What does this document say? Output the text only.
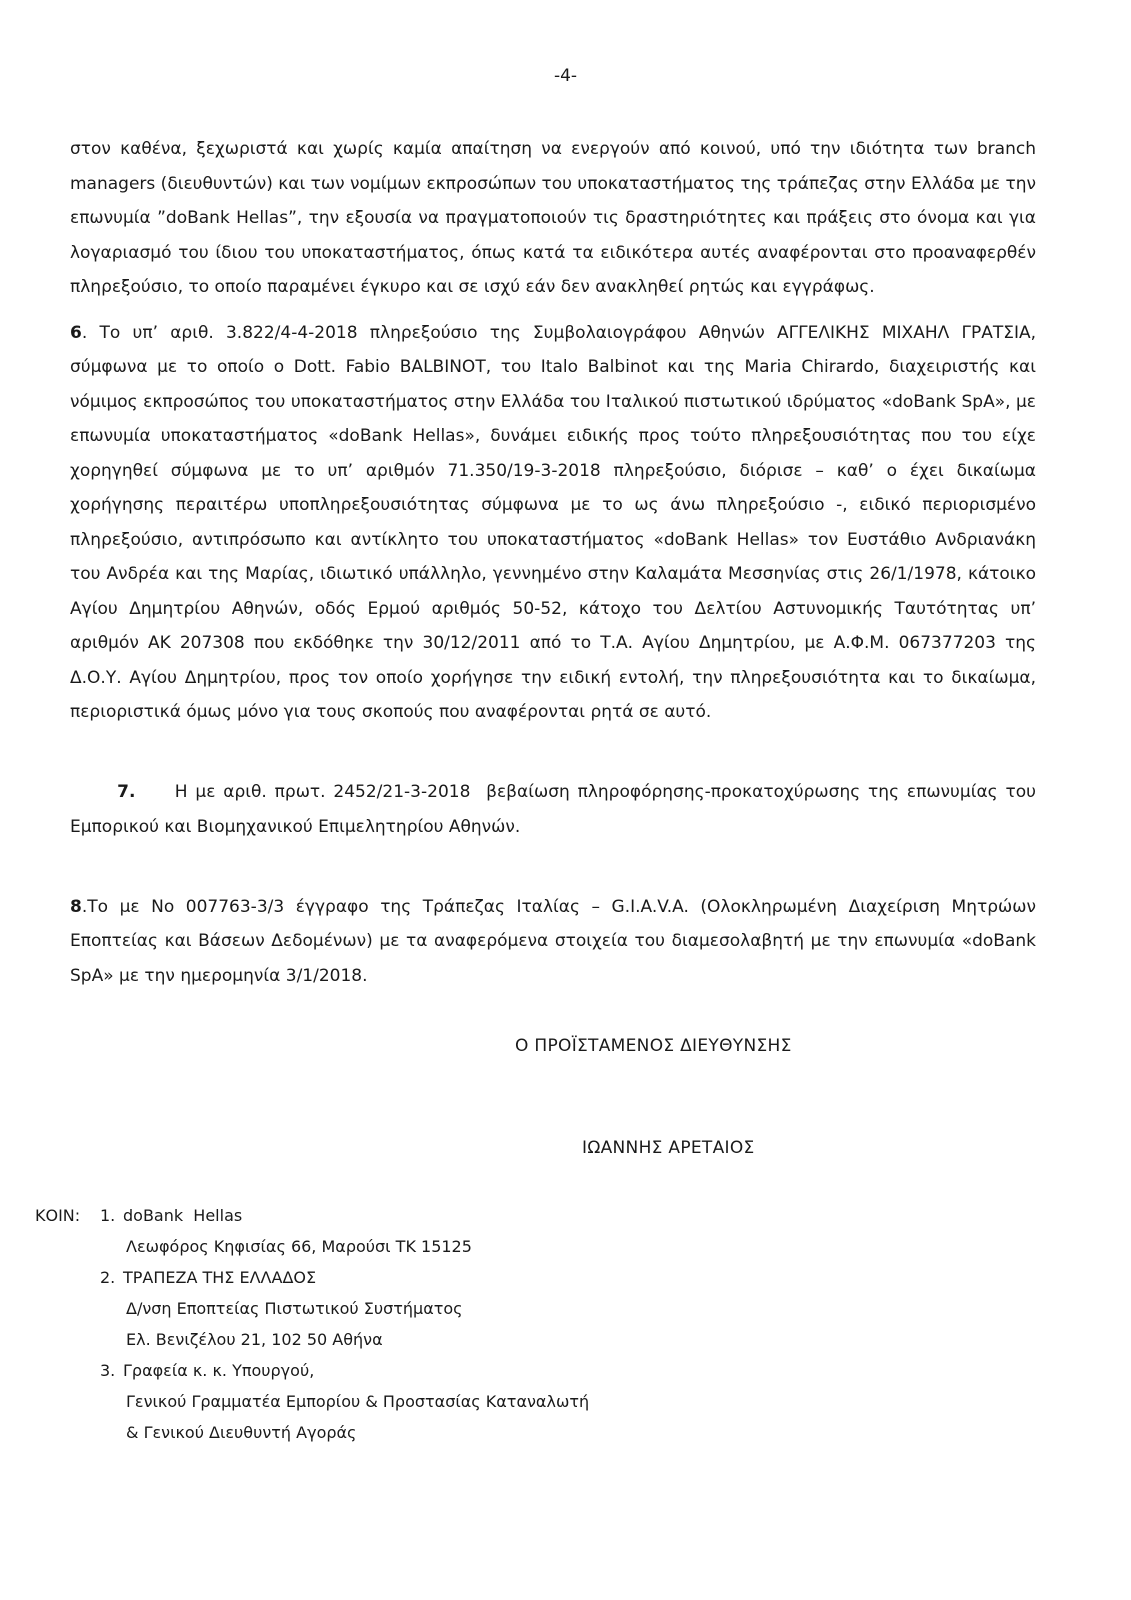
-4-

στον καθένα, ξεχωριστά και χωρίς καμία απαίτηση να ενεργούν από κοινού, υπό την ιδιότητα των branch managers (διευθυντών) και των νομίμων εκπροσώπων του υποκαταστήματος της τράπεζας στην Ελλάδα με την επωνυμία ”doBank Hellas”, την εξουσία να πραγματοποιούν τις δραστηριότητες και πράξεις στο όνομα και για λογαριασμό του ίδιου του υποκαταστήματος, όπως κατά τα ειδικότερα αυτές αναφέρονται στο προαναφερθέν πληρεξούσιο, το οποίο παραμένει έγκυρο και σε ισχύ εάν δεν ανακληθεί ρητώς και εγγράφως.

6. Το υπ’ αριθ. 3.822/4-4-2018 πληρεξούσιο της Συμβολαιογράφου Αθηνών ΑΓΓΕΛΙΚΗΣ ΜΙΧΑΗΛ ΓΡΑΤΣΙΑ, σύμφωνα με το οποίο ο Dott. Fabio BALBINOT, του Italo Balbinot και της Maria Chirardo, διαχειριστής και νόμιμος εκπροσώπος του υποκαταστήματος στην Ελλάδα του Ιταλικού πιστωτικού ιδρύματος «doBank SpA», με επωνυμία υποκαταστήματος «doBank Hellas», δυνάμει ειδικής προς τούτο πληρεξουσιότητας που του είχε χορηγηθεί σύμφωνα με το υπ’ αριθμόν 71.350/19-3-2018 πληρεξούσιο, διόρισε – καθ’ ο έχει δικαίωμα χορήγησης περαιτέρω υποπληρεξουσιότητας σύμφωνα με το ως άνω πληρεξούσιο -, ειδικό περιορισμένο πληρεξούσιο, αντιπρόσωπο και αντίκλητο του υποκαταστήματος «doBank Hellas» τον Ευστάθιο Ανδριανάκη του Ανδρέα και της Μαρίας, ιδιωτικό υπάλληλο, γεννημένο στην Καλαμάτα Μεσσηνίας στις 26/1/1978, κάτοικο Αγίου Δημητρίου Αθηνών, οδός Ερμού αριθμός 50-52, κάτοχο του Δελτίου Αστυνομικής Ταυτότητας υπ’ αριθμόν ΑΚ 207308 που εκδόθηκε την 30/12/2011 από το Τ.Α. Αγίου Δημητρίου, με Α.Φ.Μ. 067377203 της Δ.Ο.Υ. Αγίου Δημητρίου, προς τον οποίο χορήγησε την ειδική εντολή, την πληρεξουσιότητα και το δικαίωμα, περιοριστικά όμως μόνο για τους σκοπούς που αναφέρονται ρητά σε αυτό.

7.     Η με αριθ. πρωτ. 2452/21-3-2018  βεβαίωση πληροφόρησης-προκατοχύρωσης της επωνυμίας του Εμπορικού και Βιομηχανικού Επιμελητηρίου Αθηνών.

8.Το με Νο 007763-3/3 έγγραφο της Τράπεζας Ιταλίας – G.I.A.V.A. (Ολοκληρωμένη Διαχείριση Μητρώων Εποπτείας και Βάσεων Δεδομένων) με τα αναφερόμενα στοιχεία του διαμεσολαβητή με την επωνυμία «doBank SpA» με την ημερομηνία 3/1/2018.

Ο ΠΡΟΪΣΤΑΜΕΝΟΣ ΔΙΕΥΘΥΝΣΗΣ
ΙΩΑΝΝΗΣ ΑΡΕΤΑΙΟΣ
ΚΟΙΝ:	1. doBank  Hellas
Λεωφόρος Κηφισίας 66, Μαρούσι ΤΚ 15125
2. ΤΡΑΠΕΖΑ ΤΗΣ ΕΛΛΑΔΟΣ
Δ/νση Εποπτείας Πιστωτικού Συστήματος
Ελ. Βενιζέλου 21, 102 50 Αθήνα
3. Γραφεία κ. κ. Υπουργού,
Γενικού Γραμματέα Εμπορίου & Προστασίας Καταναλωτή
& Γενικού Διευθυντή Αγοράς
